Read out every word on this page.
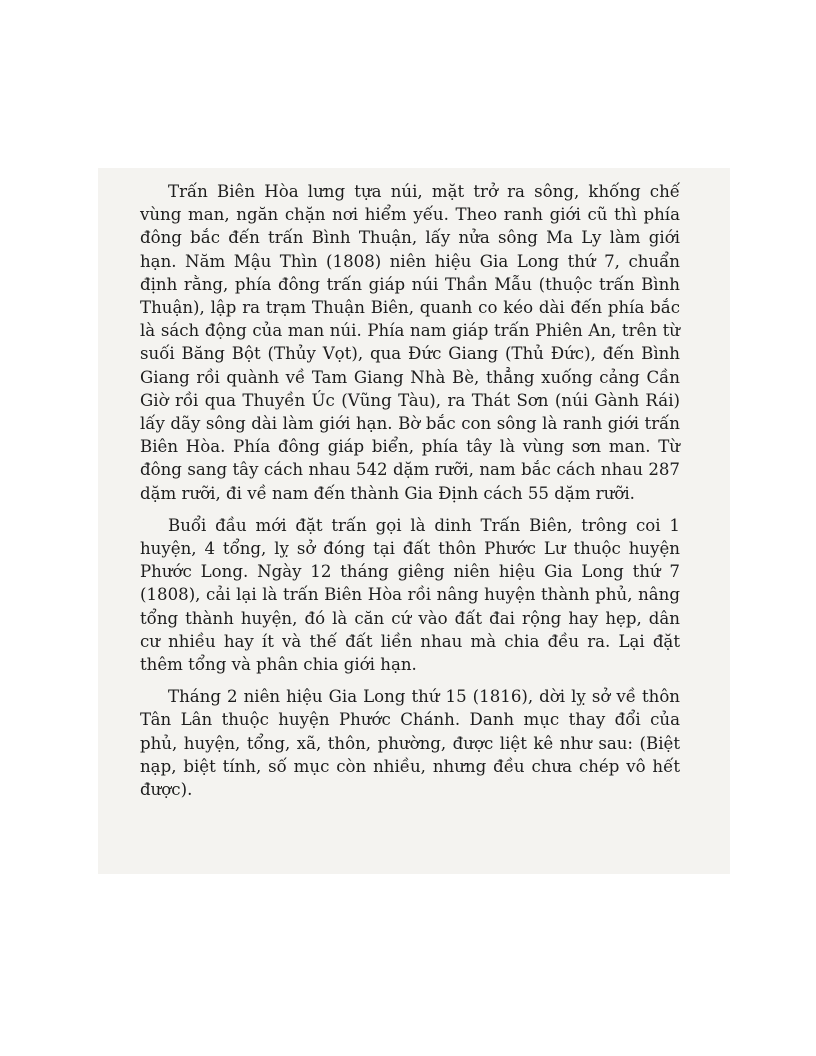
Trấn Biên Hòa lưng tựa núi, mặt trở ra sông, khống chế vùng man, ngăn chặn nơi hiểm yếu. Theo ranh giới cũ thì phía đông bắc đến trấn Bình Thuận, lấy nửa sông Ma Ly làm giới hạn. Năm Mậu Thìn (1808) niên hiệu Gia Long thứ 7, chuẩn định rằng, phía đông trấn giáp núi Thần Mẫu (thuộc trấn Bình Thuận), lập ra trạm Thuận Biên, quanh co kéo dài đến phía bắc là sách động của man núi. Phía nam giáp trấn Phiên An, trên từ suối Băng Bột (Thủy Vọt), qua Đức Giang (Thủ Đức), đến Bình Giang rồi quành về Tam Giang Nhà Bè, thẳng xuống cảng Cần Giờ rồi qua Thuyền Úc (Vũng Tàu), ra Thát Sơn (núi Gành Rái) lấy dãy sông dài làm giới hạn. Bờ bắc con sông là ranh giới trấn Biên Hòa. Phía đông giáp biển, phía tây là vùng sơn man. Từ đông sang tây cách nhau 542 dặm rưỡi, nam bắc cách nhau 287 dặm rưỡi, đi về nam đến thành Gia Định cách 55 dặm rưỡi.

Buổi đầu mới đặt trấn gọi là dinh Trấn Biên, trông coi 1 huyện, 4 tổng, lỵ sở đóng tại đất thôn Phước Lư thuộc huyện Phước Long. Ngày 12 tháng giêng niên hiệu Gia Long thứ 7 (1808), cải lại là trấn Biên Hòa rồi nâng huyện thành phủ, nâng tổng thành huyện, đó là căn cứ vào đất đai rộng hay hẹp, dân cư nhiều hay ít và thế đất liền nhau mà chia đều ra. Lại đặt thêm tổng và phân chia giới hạn.

Tháng 2 niên hiệu Gia Long thứ 15 (1816), dời lỵ sở về thôn Tân Lân thuộc huyện Phước Chánh. Danh mục thay đổi của phủ, huyện, tổng, xã, thôn, phường, được liệt kê như sau: (Biệt nạp, biệt tính, số mục còn nhiều, nhưng đều chưa chép vô hết được).
